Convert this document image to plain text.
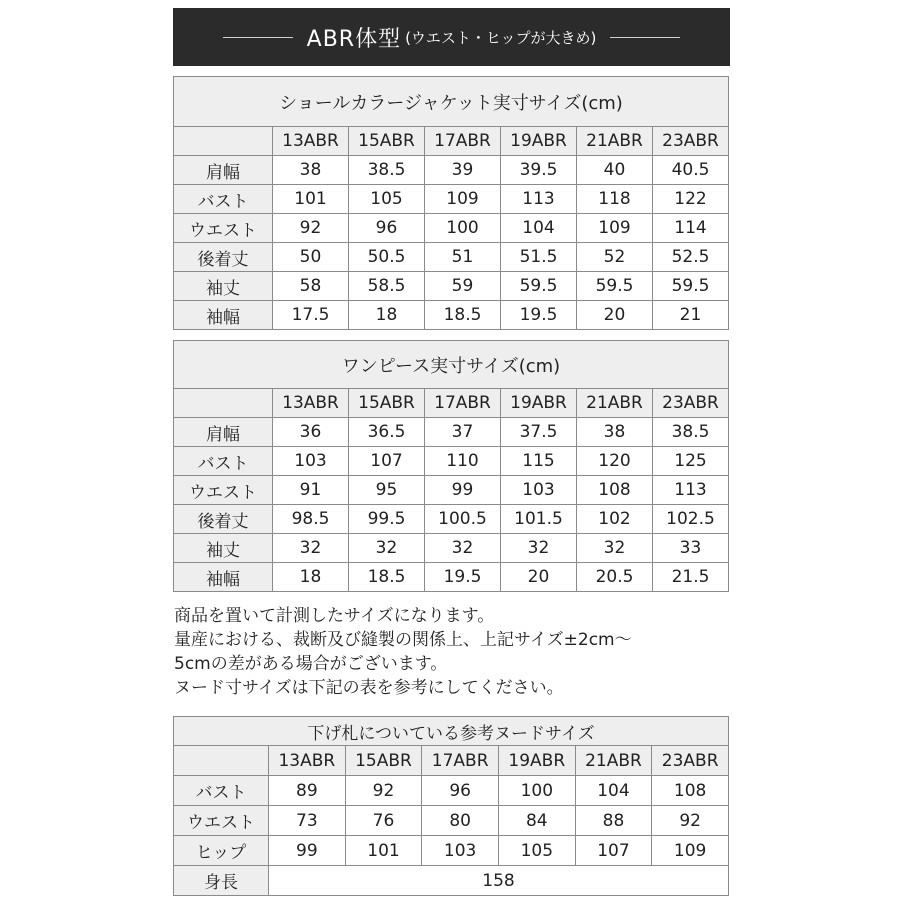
ABR体型 (ウエスト・ヒップが大きめ)
ショールカラージャケット実寸サイズ(cm)						
	13ABR	15ABR	17ABR	19ABR	21ABR	23ABR
肩幅	38	38.5	39	39.5	40	40.5
バスト	101	105	109	113	118	122
ウエスト	92	96	100	104	109	114
後着丈	50	50.5	51	51.5	52	52.5
袖丈	58	58.5	59	59.5	59.5	59.5
袖幅	17.5	18	18.5	19.5	20	21
ワンピース実寸サイズ(cm)						
	13ABR	15ABR	17ABR	19ABR	21ABR	23ABR
肩幅	36	36.5	37	37.5	38	38.5
バスト	103	107	110	115	120	125
ウエスト	91	95	99	103	108	113
後着丈	98.5	99.5	100.5	101.5	102	102.5
袖丈	32	32	32	32	32	33
袖幅	18	18.5	19.5	20	20.5	21.5
商品を置いて計測したサイズになります。
量産における、裁断及び縫製の関係上、上記サイズ±2cm〜
5cmの差がある場合がございます。
ヌード寸サイズは下記の表を参考にしてください。
下げ札についている参考ヌードサイズ						
	13ABR	15ABR	17ABR	19ABR	21ABR	23ABR
バスト	89	92	96	100	104	108
ウエスト	73	76	80	84	88	92
ヒップ	99	101	103	105	107	109
身長	158					
